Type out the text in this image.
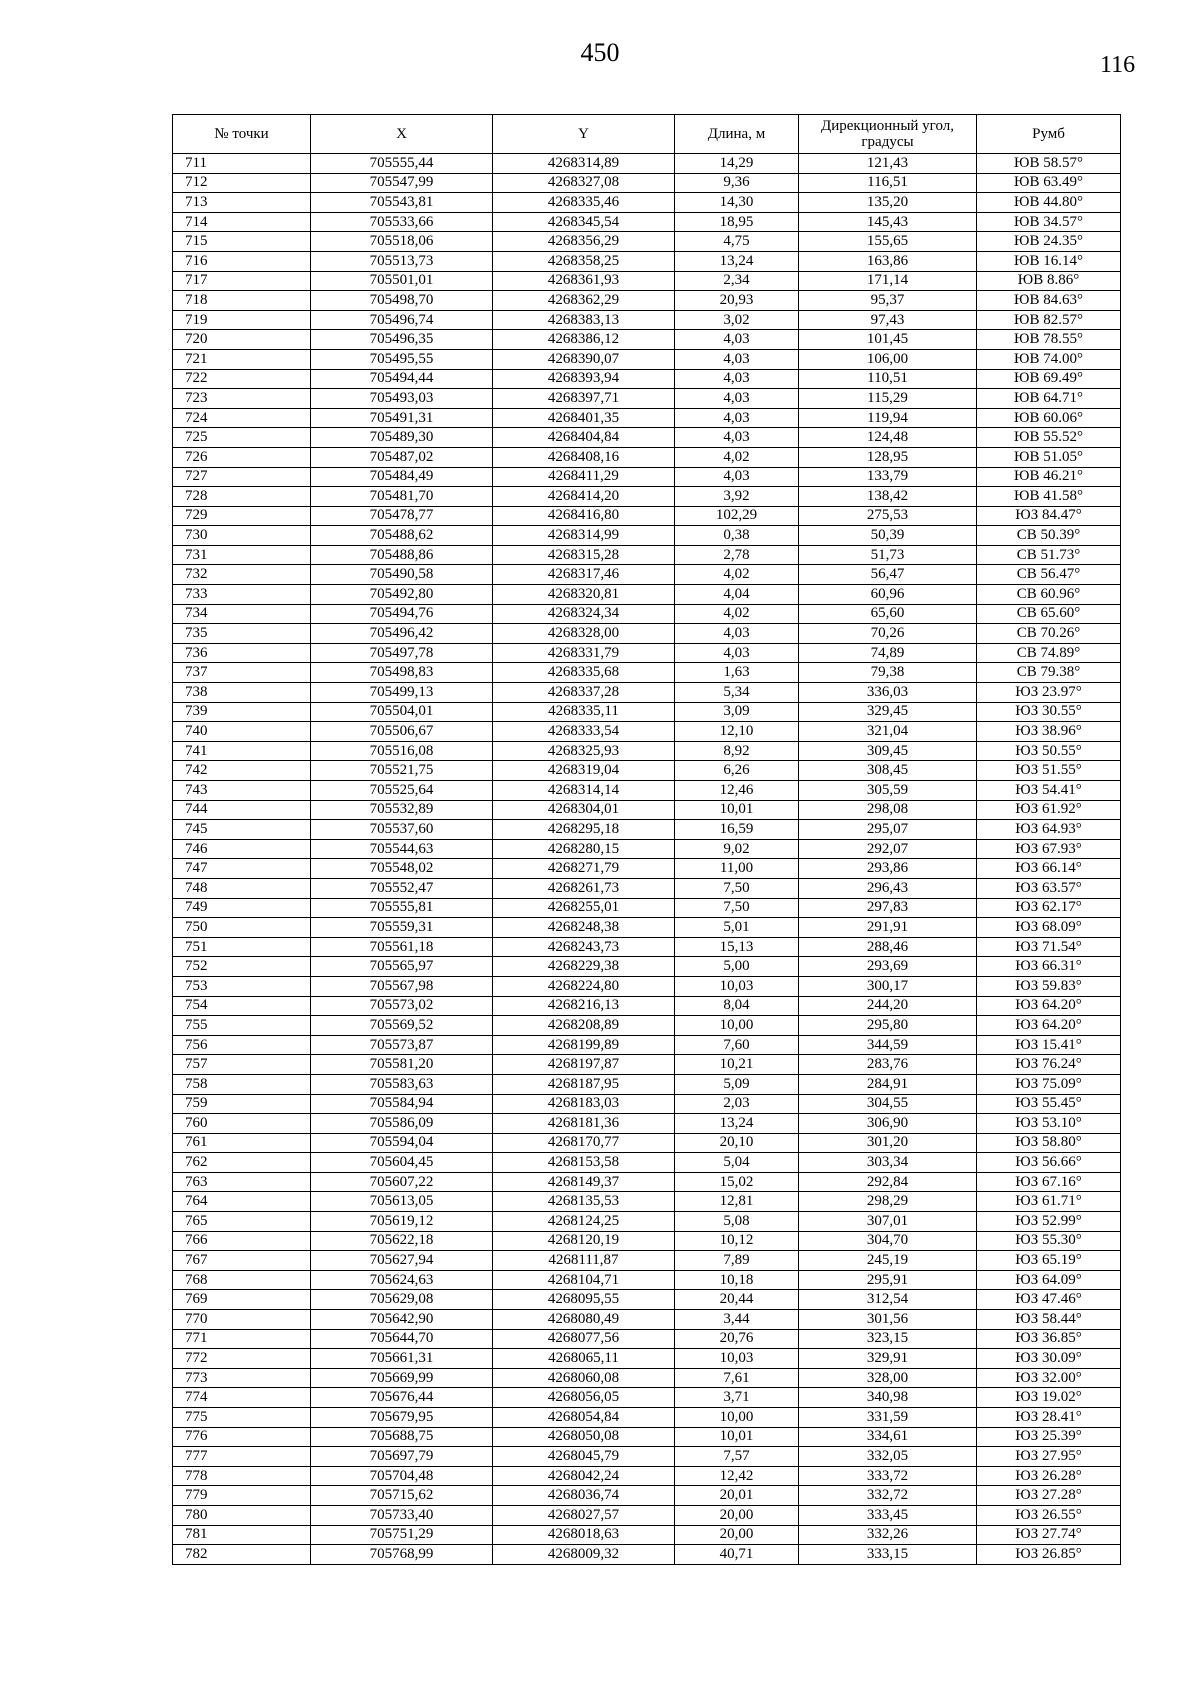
450	116
№ точки	X	Y	Длина, м	Дирекционный угол, градусы	Румб
711	705555,44	4268314,89	14,29	121,43	ЮВ 58.57°
712	705547,99	4268327,08	9,36	116,51	ЮВ 63.49°
713	705543,81	4268335,46	14,30	135,20	ЮВ 44.80°
714	705533,66	4268345,54	18,95	145,43	ЮВ 34.57°
715	705518,06	4268356,29	4,75	155,65	ЮВ 24.35°
716	705513,73	4268358,25	13,24	163,86	ЮВ 16.14°
717	705501,01	4268361,93	2,34	171,14	ЮВ 8.86°
718	705498,70	4268362,29	20,93	95,37	ЮВ 84.63°
719	705496,74	4268383,13	3,02	97,43	ЮВ 82.57°
720	705496,35	4268386,12	4,03	101,45	ЮВ 78.55°
721	705495,55	4268390,07	4,03	106,00	ЮВ 74.00°
722	705494,44	4268393,94	4,03	110,51	ЮВ 69.49°
723	705493,03	4268397,71	4,03	115,29	ЮВ 64.71°
724	705491,31	4268401,35	4,03	119,94	ЮВ 60.06°
725	705489,30	4268404,84	4,03	124,48	ЮВ 55.52°
726	705487,02	4268408,16	4,02	128,95	ЮВ 51.05°
727	705484,49	4268411,29	4,03	133,79	ЮВ 46.21°
728	705481,70	4268414,20	3,92	138,42	ЮВ 41.58°
729	705478,77	4268416,80	102,29	275,53	ЮЗ 84.47°
730	705488,62	4268314,99	0,38	50,39	СВ 50.39°
731	705488,86	4268315,28	2,78	51,73	СВ 51.73°
732	705490,58	4268317,46	4,02	56,47	СВ 56.47°
733	705492,80	4268320,81	4,04	60,96	СВ 60.96°
734	705494,76	4268324,34	4,02	65,60	СВ 65.60°
735	705496,42	4268328,00	4,03	70,26	СВ 70.26°
736	705497,78	4268331,79	4,03	74,89	СВ 74.89°
737	705498,83	4268335,68	1,63	79,38	СВ 79.38°
738	705499,13	4268337,28	5,34	336,03	ЮЗ 23.97°
739	705504,01	4268335,11	3,09	329,45	ЮЗ 30.55°
740	705506,67	4268333,54	12,10	321,04	ЮЗ 38.96°
741	705516,08	4268325,93	8,92	309,45	ЮЗ 50.55°
742	705521,75	4268319,04	6,26	308,45	ЮЗ 51.55°
743	705525,64	4268314,14	12,46	305,59	ЮЗ 54.41°
744	705532,89	4268304,01	10,01	298,08	ЮЗ 61.92°
745	705537,60	4268295,18	16,59	295,07	ЮЗ 64.93°
746	705544,63	4268280,15	9,02	292,07	ЮЗ 67.93°
747	705548,02	4268271,79	11,00	293,86	ЮЗ 66.14°
748	705552,47	4268261,73	7,50	296,43	ЮЗ 63.57°
749	705555,81	4268255,01	7,50	297,83	ЮЗ 62.17°
750	705559,31	4268248,38	5,01	291,91	ЮЗ 68.09°
751	705561,18	4268243,73	15,13	288,46	ЮЗ 71.54°
752	705565,97	4268229,38	5,00	293,69	ЮЗ 66.31°
753	705567,98	4268224,80	10,03	300,17	ЮЗ 59.83°
754	705573,02	4268216,13	8,04	244,20	ЮЗ 64.20°
755	705569,52	4268208,89	10,00	295,80	ЮЗ 64.20°
756	705573,87	4268199,89	7,60	344,59	ЮЗ 15.41°
757	705581,20	4268197,87	10,21	283,76	ЮЗ 76.24°
758	705583,63	4268187,95	5,09	284,91	ЮЗ 75.09°
759	705584,94	4268183,03	2,03	304,55	ЮЗ 55.45°
760	705586,09	4268181,36	13,24	306,90	ЮЗ 53.10°
761	705594,04	4268170,77	20,10	301,20	ЮЗ 58.80°
762	705604,45	4268153,58	5,04	303,34	ЮЗ 56.66°
763	705607,22	4268149,37	15,02	292,84	ЮЗ 67.16°
764	705613,05	4268135,53	12,81	298,29	ЮЗ 61.71°
765	705619,12	4268124,25	5,08	307,01	ЮЗ 52.99°
766	705622,18	4268120,19	10,12	304,70	ЮЗ 55.30°
767	705627,94	4268111,87	7,89	245,19	ЮЗ 65.19°
768	705624,63	4268104,71	10,18	295,91	ЮЗ 64.09°
769	705629,08	4268095,55	20,44	312,54	ЮЗ 47.46°
770	705642,90	4268080,49	3,44	301,56	ЮЗ 58.44°
771	705644,70	4268077,56	20,76	323,15	ЮЗ 36.85°
772	705661,31	4268065,11	10,03	329,91	ЮЗ 30.09°
773	705669,99	4268060,08	7,61	328,00	ЮЗ 32.00°
774	705676,44	4268056,05	3,71	340,98	ЮЗ 19.02°
775	705679,95	4268054,84	10,00	331,59	ЮЗ 28.41°
776	705688,75	4268050,08	10,01	334,61	ЮЗ 25.39°
777	705697,79	4268045,79	7,57	332,05	ЮЗ 27.95°
778	705704,48	4268042,24	12,42	333,72	ЮЗ 26.28°
779	705715,62	4268036,74	20,01	332,72	ЮЗ 27.28°
780	705733,40	4268027,57	20,00	333,45	ЮЗ 26.55°
781	705751,29	4268018,63	20,00	332,26	ЮЗ 27.74°
782	705768,99	4268009,32	40,71	333,15	ЮЗ 26.85°
